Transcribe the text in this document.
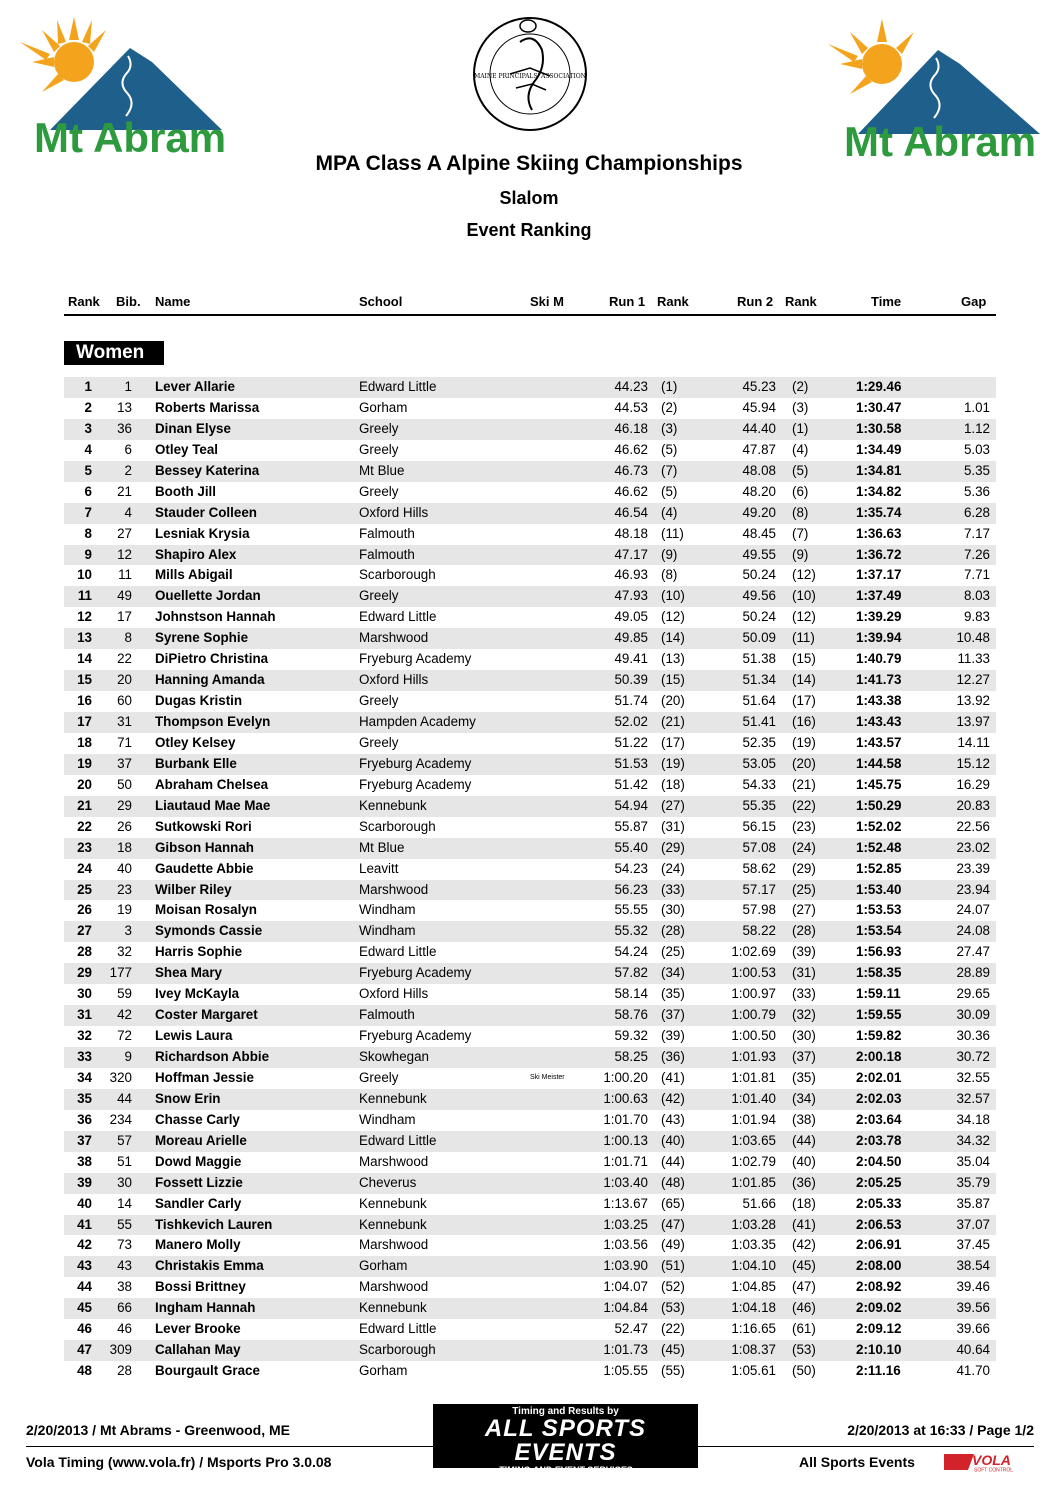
Mt Abram
MAINE PRINCIPALS' ASSOCIATION
Mt Abram
MPA Class A Alpine Skiing Championships
Slalom
Event Ranking
Rank Bib. Name	School	Ski M	Run 1 Rank	Run 2 Rank	Time	Gap
Women
1	1 Lever Allarie	Edward Little	44.23 (1)	45.23 (2)	1:29.46
2	13 Roberts Marissa	Gorham	44.53 (2)	45.94 (3)	1:30.47	1.01
3	36 Dinan Elyse	Greely	46.18 (3)	44.40 (1)	1:30.58	1.12
4	6 Otley Teal	Greely	46.62 (5)	47.87 (4)	1:34.49	5.03
5	2 Bessey Katerina	Mt Blue	46.73 (7)	48.08 (5)	1:34.81	5.35
6	21 Booth Jill	Greely	46.62 (5)	48.20 (6)	1:34.82	5.36
7	4 Stauder Colleen	Oxford Hills	46.54 (4)	49.20 (8)	1:35.74	6.28
8	27 Lesniak Krysia	Falmouth	48.18 (11)	48.45 (7)	1:36.63	7.17
9	12 Shapiro Alex	Falmouth	47.17 (9)	49.55 (9)	1:36.72	7.26
10	11 Mills Abigail	Scarborough	46.93 (8)	50.24 (12)	1:37.17	7.71
11	49 Ouellette Jordan	Greely	47.93 (10)	49.56 (10)	1:37.49	8.03
12	17 Johnstson Hannah	Edward Little	49.05 (12)	50.24 (12)	1:39.29	9.83
13	8 Syrene Sophie	Marshwood	49.85 (14)	50.09 (11)	1:39.94	10.48
14	22 DiPietro Christina	Fryeburg Academy	49.41 (13)	51.38 (15)	1:40.79	11.33
15	20 Hanning Amanda	Oxford Hills	50.39 (15)	51.34 (14)	1:41.73	12.27
16	60 Dugas Kristin	Greely	51.74 (20)	51.64 (17)	1:43.38	13.92
17	31 Thompson Evelyn	Hampden Academy	52.02 (21)	51.41 (16)	1:43.43	13.97
18	71 Otley Kelsey	Greely	51.22 (17)	52.35 (19)	1:43.57	14.11
19	37 Burbank Elle	Fryeburg Academy	51.53 (19)	53.05 (20)	1:44.58	15.12
20	50 Abraham Chelsea	Fryeburg Academy	51.42 (18)	54.33 (21)	1:45.75	16.29
21	29 Liautaud Mae Mae	Kennebunk	54.94 (27)	55.35 (22)	1:50.29	20.83
22	26 Sutkowski Rori	Scarborough	55.87 (31)	56.15 (23)	1:52.02	22.56
23	18 Gibson Hannah	Mt Blue	55.40 (29)	57.08 (24)	1:52.48	23.02
24	40 Gaudette Abbie	Leavitt	54.23 (24)	58.62 (29)	1:52.85	23.39
25	23 Wilber Riley	Marshwood	56.23 (33)	57.17 (25)	1:53.40	23.94
26	19 Moisan Rosalyn	Windham	55.55 (30)	57.98 (27)	1:53.53	24.07
27	3 Symonds Cassie	Windham	55.32 (28)	58.22 (28)	1:53.54	24.08
28	32 Harris Sophie	Edward Little	54.24 (25)	1:02.69 (39)	1:56.93	27.47
29	177 Shea Mary	Fryeburg Academy	57.82 (34)	1:00.53 (31)	1:58.35	28.89
30	59 Ivey McKayla	Oxford Hills	58.14 (35)	1:00.97 (33)	1:59.11	29.65
31	42 Coster Margaret	Falmouth	58.76 (37)	1:00.79 (32)	1:59.55	30.09
32	72 Lewis Laura	Fryeburg Academy	59.32 (39)	1:00.50 (30)	1:59.82	30.36
33	9 Richardson Abbie	Skowhegan	58.25 (36)	1:01.93 (37)	2:00.18	30.72
34	320 Hoffman Jessie	Greely	Ski Meister	1:00.20 (41)	1:01.81 (35)	2:02.01	32.55
35	44 Snow Erin	Kennebunk	1:00.63 (42)	1:01.40 (34)	2:02.03	32.57
36	234 Chasse Carly	Windham	1:01.70 (43)	1:01.94 (38)	2:03.64	34.18
37	57 Moreau Arielle	Edward Little	1:00.13 (40)	1:03.65 (44)	2:03.78	34.32
38	51 Dowd Maggie	Marshwood	1:01.71 (44)	1:02.79 (40)	2:04.50	35.04
39	30 Fossett Lizzie	Cheverus	1:03.40 (48)	1:01.85 (36)	2:05.25	35.79
40	14 Sandler Carly	Kennebunk	1:13.67 (65)	51.66 (18)	2:05.33	35.87
41	55 Tishkevich Lauren	Kennebunk	1:03.25 (47)	1:03.28 (41)	2:06.53	37.07
42	73 Manero Molly	Marshwood	1:03.56 (49)	1:03.35 (42)	2:06.91	37.45
43	43 Christakis Emma	Gorham	1:03.90 (51)	1:04.10 (45)	2:08.00	38.54
44	38 Bossi Brittney	Marshwood	1:04.07 (52)	1:04.85 (47)	2:08.92	39.46
45	66 Ingham Hannah	Kennebunk	1:04.84 (53)	1:04.18 (46)	2:09.02	39.56
46	46 Lever Brooke	Edward Little	52.47 (22)	1:16.65 (61)	2:09.12	39.66
47	309 Callahan May	Scarborough	1:01.73 (45)	1:08.37 (53)	2:10.10	40.64
48	28 Bourgault Grace	Gorham	1:05.55 (55)	1:05.61 (50)	2:11.16	41.70
2/20/2013 / Mt Abrams - Greenwood, ME
Vola Timing (www.vola.fr) / Msports Pro 3.0.08
2/20/2013 at 16:33 / Page 1/2
All Sports Events
Timing and Results by
ALL SPORTS EVENTS
TIMING AND EVENT SERVICES
www.allsportsevents.com
VOLA
SOFT CONTROL
